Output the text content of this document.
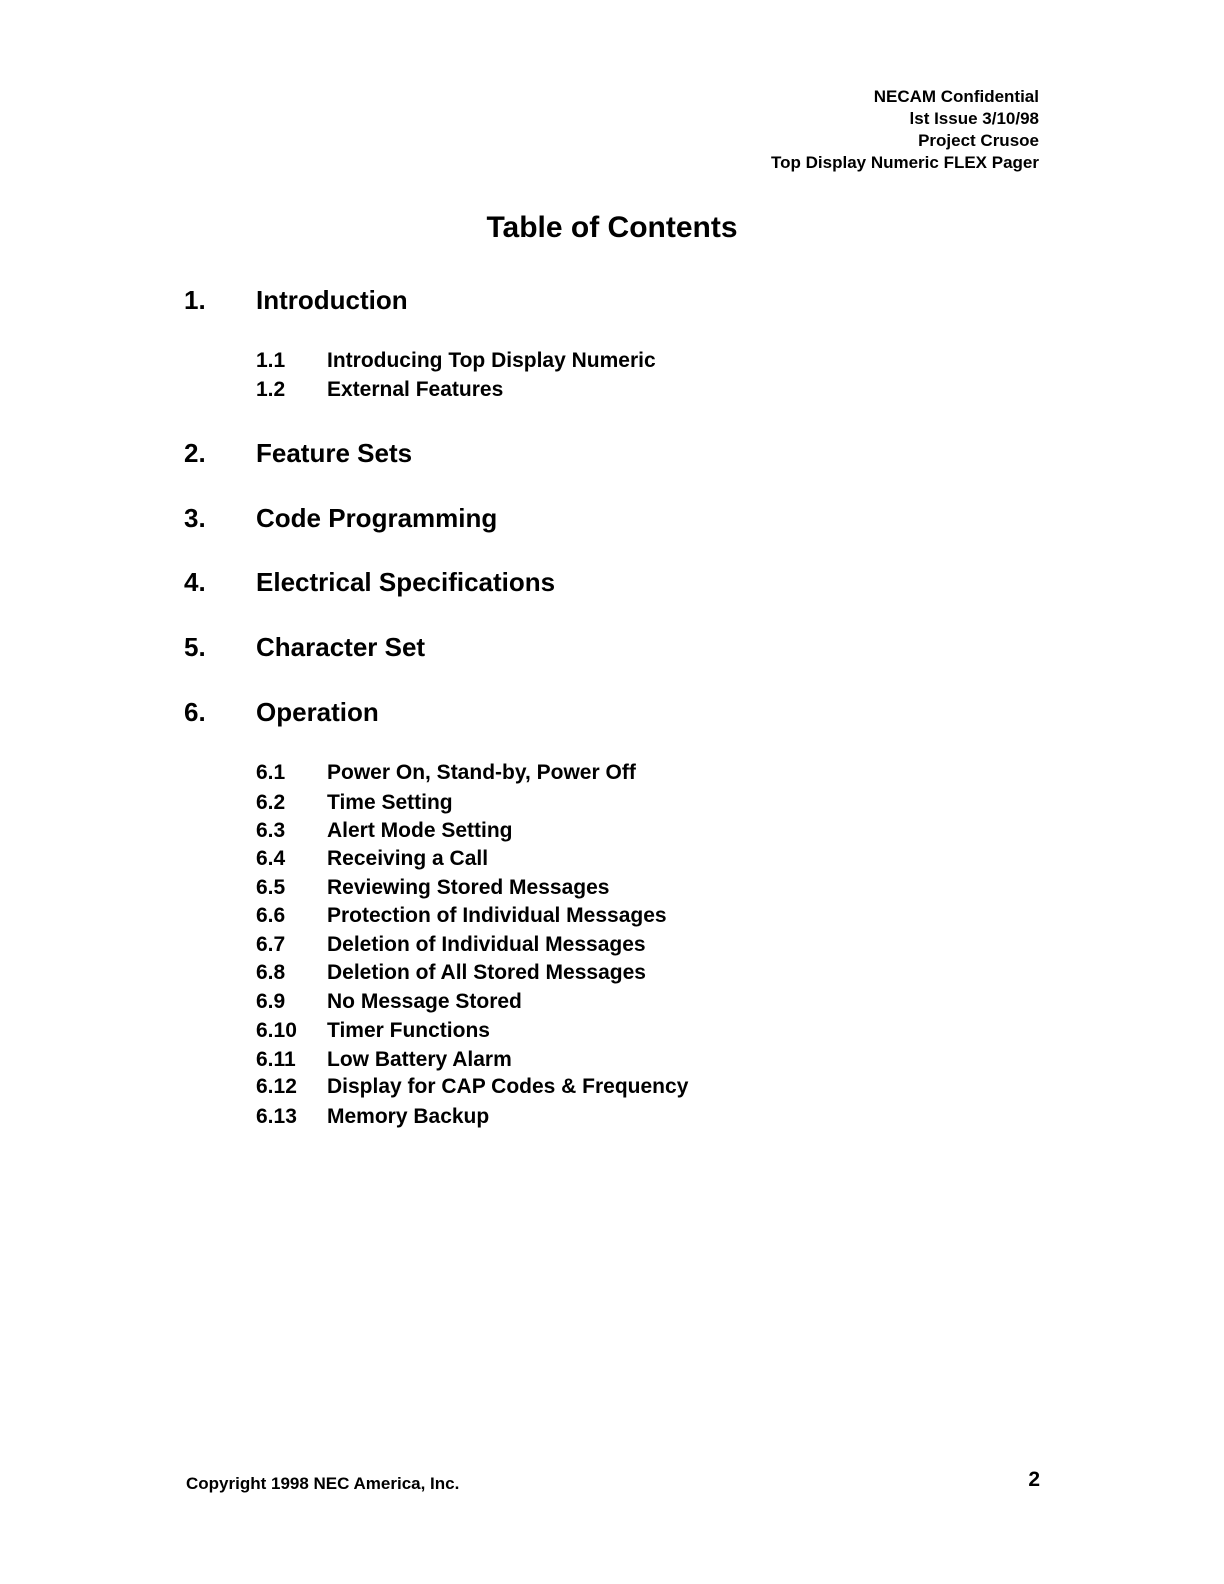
NECAM Confidential
lst Issue 3/10/98
Project Crusoe
Top Display Numeric FLEX Pager
Table of Contents
1. Introduction
1.1 Introducing Top Display Numeric
1.2 External Features
2. Feature Sets
3. Code Programming
4. Electrical Specifications
5. Character Set
6. Operation
6.1 Power On, Stand-by, Power Off
6.2 Time Setting
6.3 Alert Mode Setting
6.4 Receiving a Call
6.5 Reviewing Stored Messages
6.6 Protection of Individual Messages
6.7 Deletion of Individual Messages
6.8 Deletion of All Stored Messages
6.9 No Message Stored
6.10 Timer Functions
6.11 Low Battery Alarm
6.12 Display for CAP Codes & Frequency
6.13 Memory Backup
Copyright 1998 NEC America, Inc.	2
